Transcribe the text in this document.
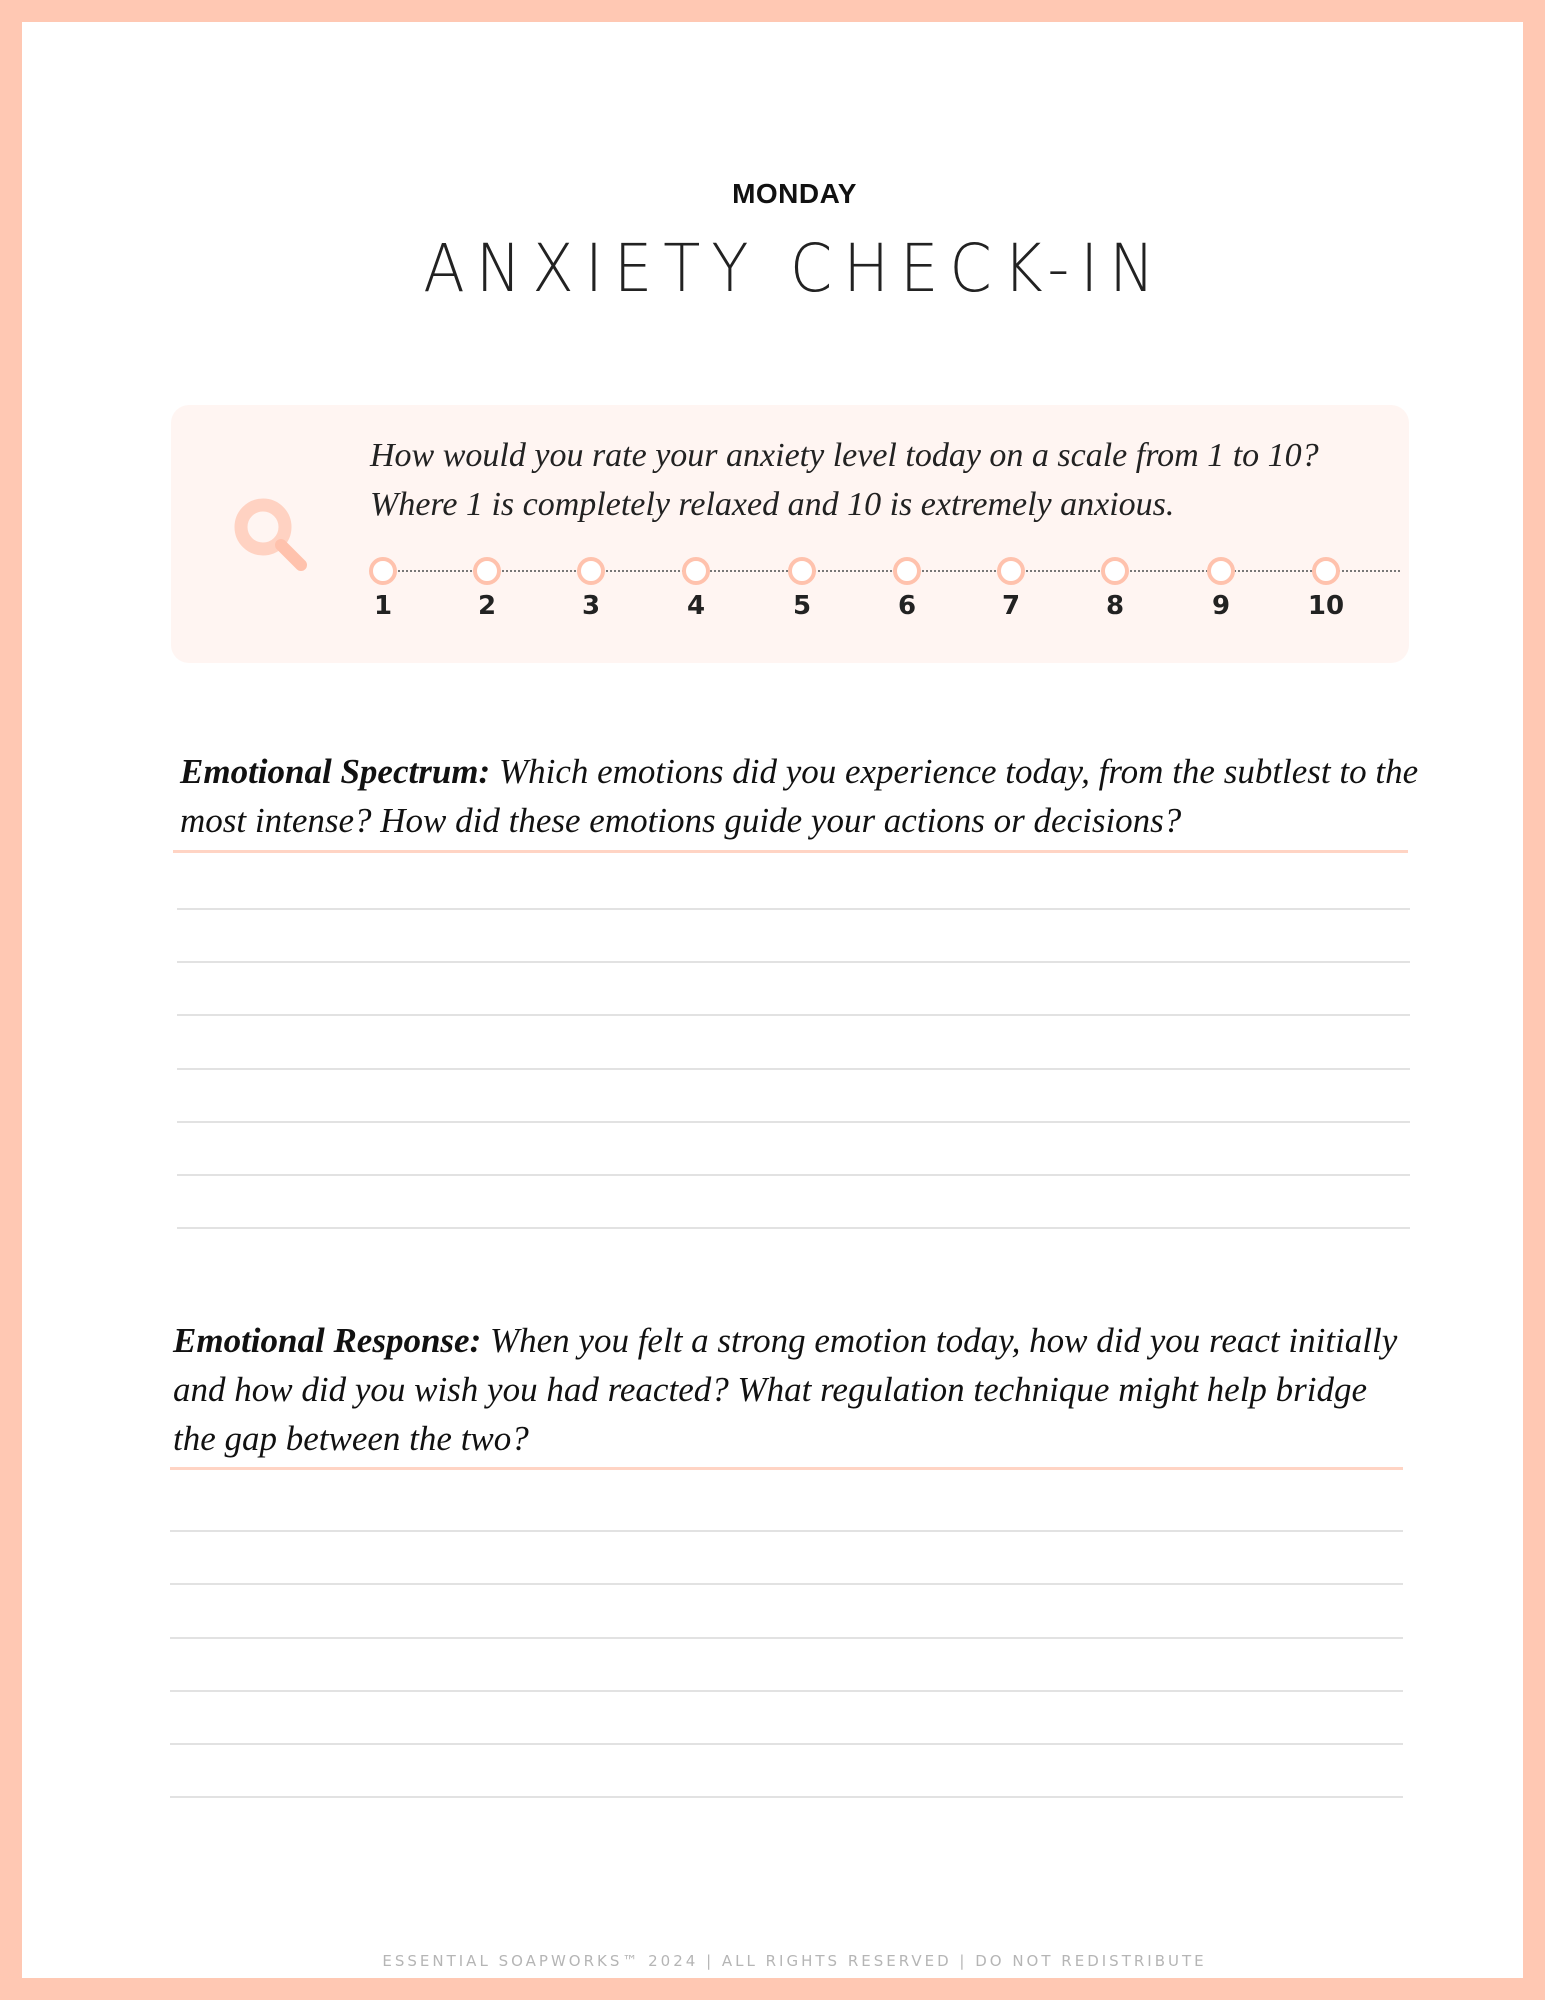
MONDAY
ANXIETY CHECK-IN
How would you rate your anxiety level today on a scale from 1 to 10? Where 1 is completely relaxed and 10 is extremely anxious.
1	2	3	4	5	6	7	8	9	10
Emotional Spectrum: Which emotions did you experience today, from the subtlest to the most intense? How did these emotions guide your actions or decisions?
Emotional Response: When you felt a strong emotion today, how did you react initially and how did you wish you had reacted? What regulation technique might help bridge the gap between the two?
ESSENTIAL SOAPWORKS™ 2024 | ALL RIGHTS RESERVED | DO NOT REDISTRIBUTE
